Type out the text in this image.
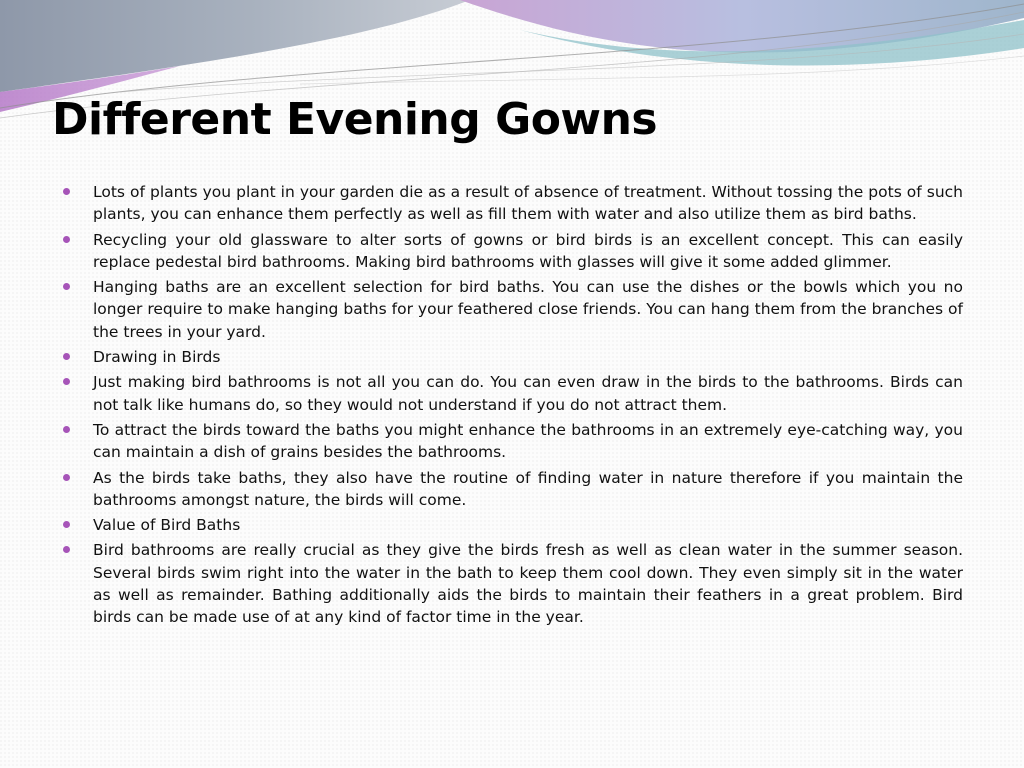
Different Evening Gowns
Lots of plants you plant in your garden die as a result of absence of treatment. Without tossing the pots of such plants, you can enhance them perfectly as well as fill them with water and also utilize them as bird baths.
Recycling your old glassware to alter sorts of gowns or bird birds is an excellent concept. This can easily replace pedestal bird bathrooms. Making bird bathrooms with glasses will give it some added glimmer.
Hanging baths are an excellent selection for bird baths. You can use the dishes or the bowls which you no longer require to make hanging baths for your feathered close friends. You can hang them from the branches of the trees in your yard.
Drawing in Birds
Just making bird bathrooms is not all you can do. You can even draw in the birds to the bathrooms. Birds can not talk like humans do, so they would not understand if you do not attract them.
To attract the birds toward the baths you might enhance the bathrooms in an extremely eye-catching way, you can maintain a dish of grains besides the bathrooms.
As the birds take baths, they also have the routine of finding water in nature therefore if you maintain the bathrooms amongst nature, the birds will come.
Value of Bird Baths
Bird bathrooms are really crucial as they give the birds fresh as well as clean water in the summer season. Several birds swim right into the water in the bath to keep them cool down. They even simply sit in the water as well as remainder. Bathing additionally aids the birds to maintain their feathers in a great problem. Bird birds can be made use of at any kind of factor time in the year.
